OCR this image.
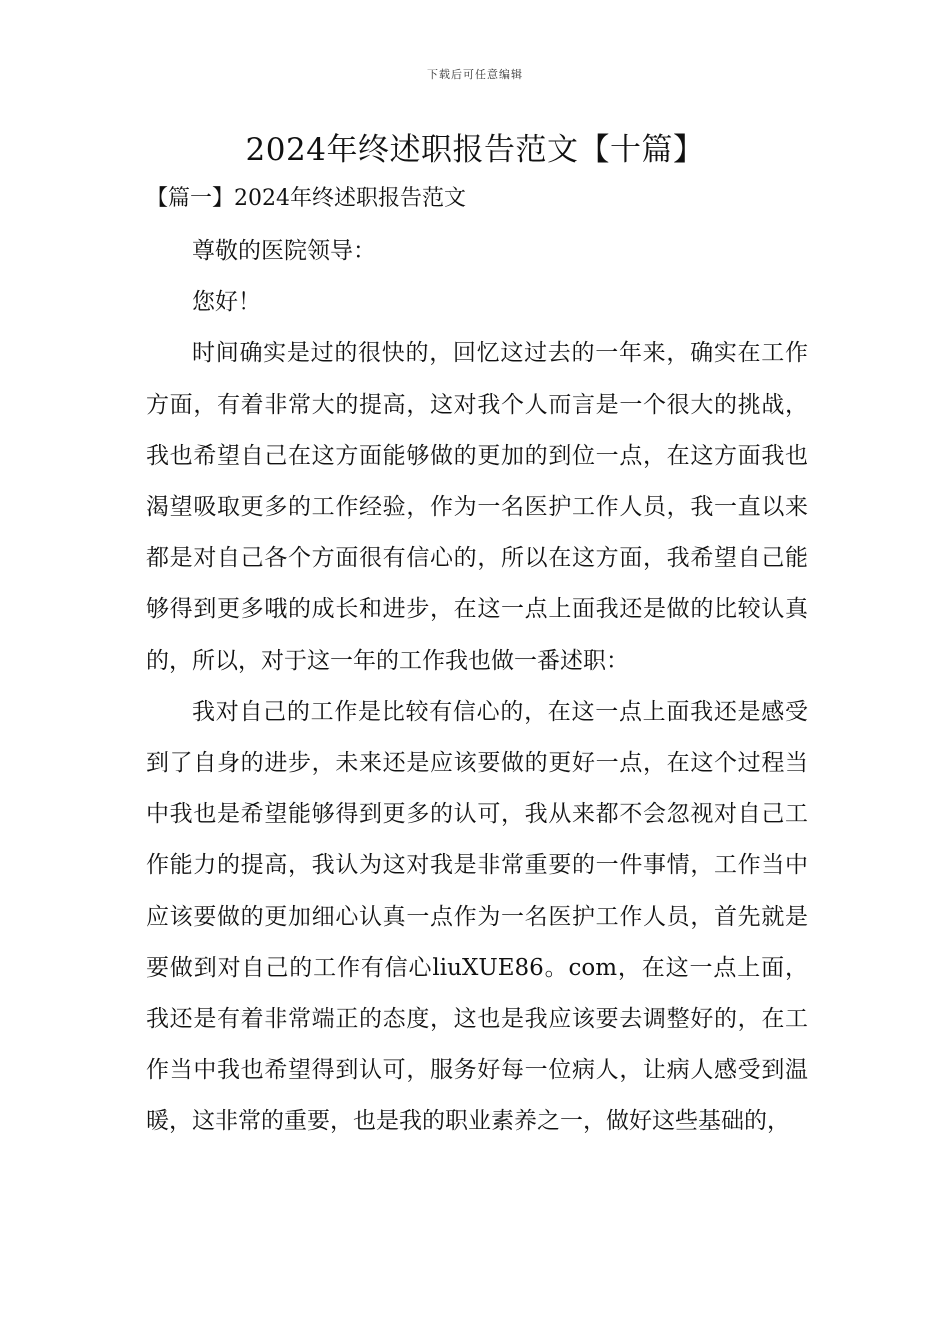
下载后可任意编辑
2024年终述职报告范文【十篇】
【篇一】2024年终述职报告范文

尊敬的医院领导：

您好！

时间确实是过的很快的，回忆这过去的一年来，确实在工作方面，有着非常大的提高，这对我个人而言是一个很大的挑战，我也希望自己在这方面能够做的更加的到位一点，在这方面我也渴望吸取更多的工作经验，作为一名医护工作人员，我一直以来都是对自己各个方面很有信心的，所以在这方面，我希望自己能够得到更多哦的成长和进步，在这一点上面我还是做的比较认真的，所以，对于这一年的工作我也做一番述职：

我对自己的工作是比较有信心的，在这一点上面我还是感受到了自身的进步，未来还是应该要做的更好一点，在这个过程当中我也是希望能够得到更多的认可，我从来都不会忽视对自己工作能力的提高，我认为这对我是非常重要的一件事情，工作当中应该要做的更加细心认真一点作为一名医护工作人员，首先就是要做到对自己的工作有信心liuXUE86。com，在这一点上面，我还是有着非常端正的态度，这也是我应该要去调整好的，在工作当中我也希望得到认可，服务好每一位病人，让病人感受到温暖，这非常的重要，也是我的职业素养之一，做好这些基础的，
